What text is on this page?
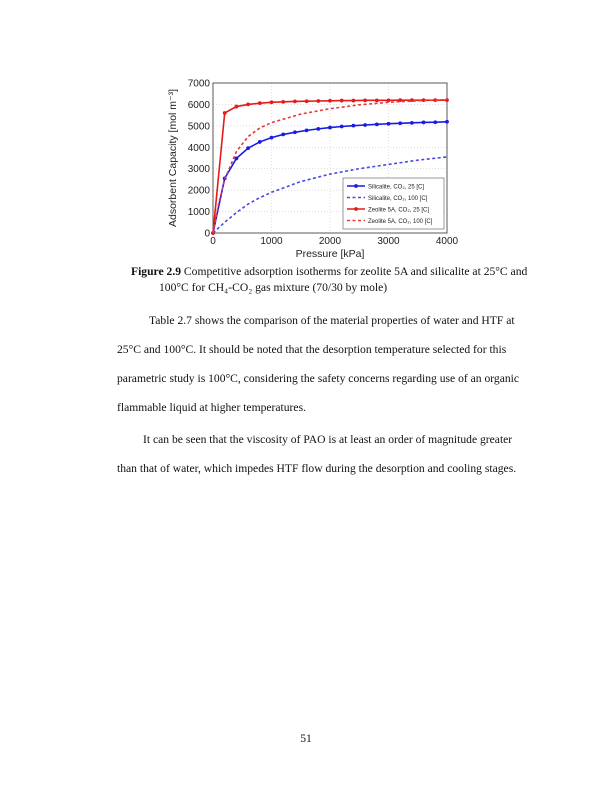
0	1000	2000	3000	4000
0
1000
2000
3000
4000
5000
6000
7000
Pressure [kPa]
Adsorbent Capacity [mol m⁻³]	Silicalite, CO₂, 25 [C]
Silicalite, CO₂, 100 [C]
Zeolite 5A, CO₂, 25 [C]
Zeolite 5A, CO₂, 100 [C]
Figure 2.9 Competitive adsorption isotherms for zeolite 5A and silicalite at 25°C and
100°C for CH₄-CO₂ gas mixture (70/30 by mole)
Table 2.7 shows the comparison of the material properties of water and HTF at
25°C and 100°C. It should be noted that the desorption temperature selected for this
parametric study is 100°C, considering the safety concerns regarding use of an organic
flammable liquid at higher temperatures.
It can be seen that the viscosity of PAO is at least an order of magnitude greater
than that of water, which impedes HTF flow during the desorption and cooling stages.
51
